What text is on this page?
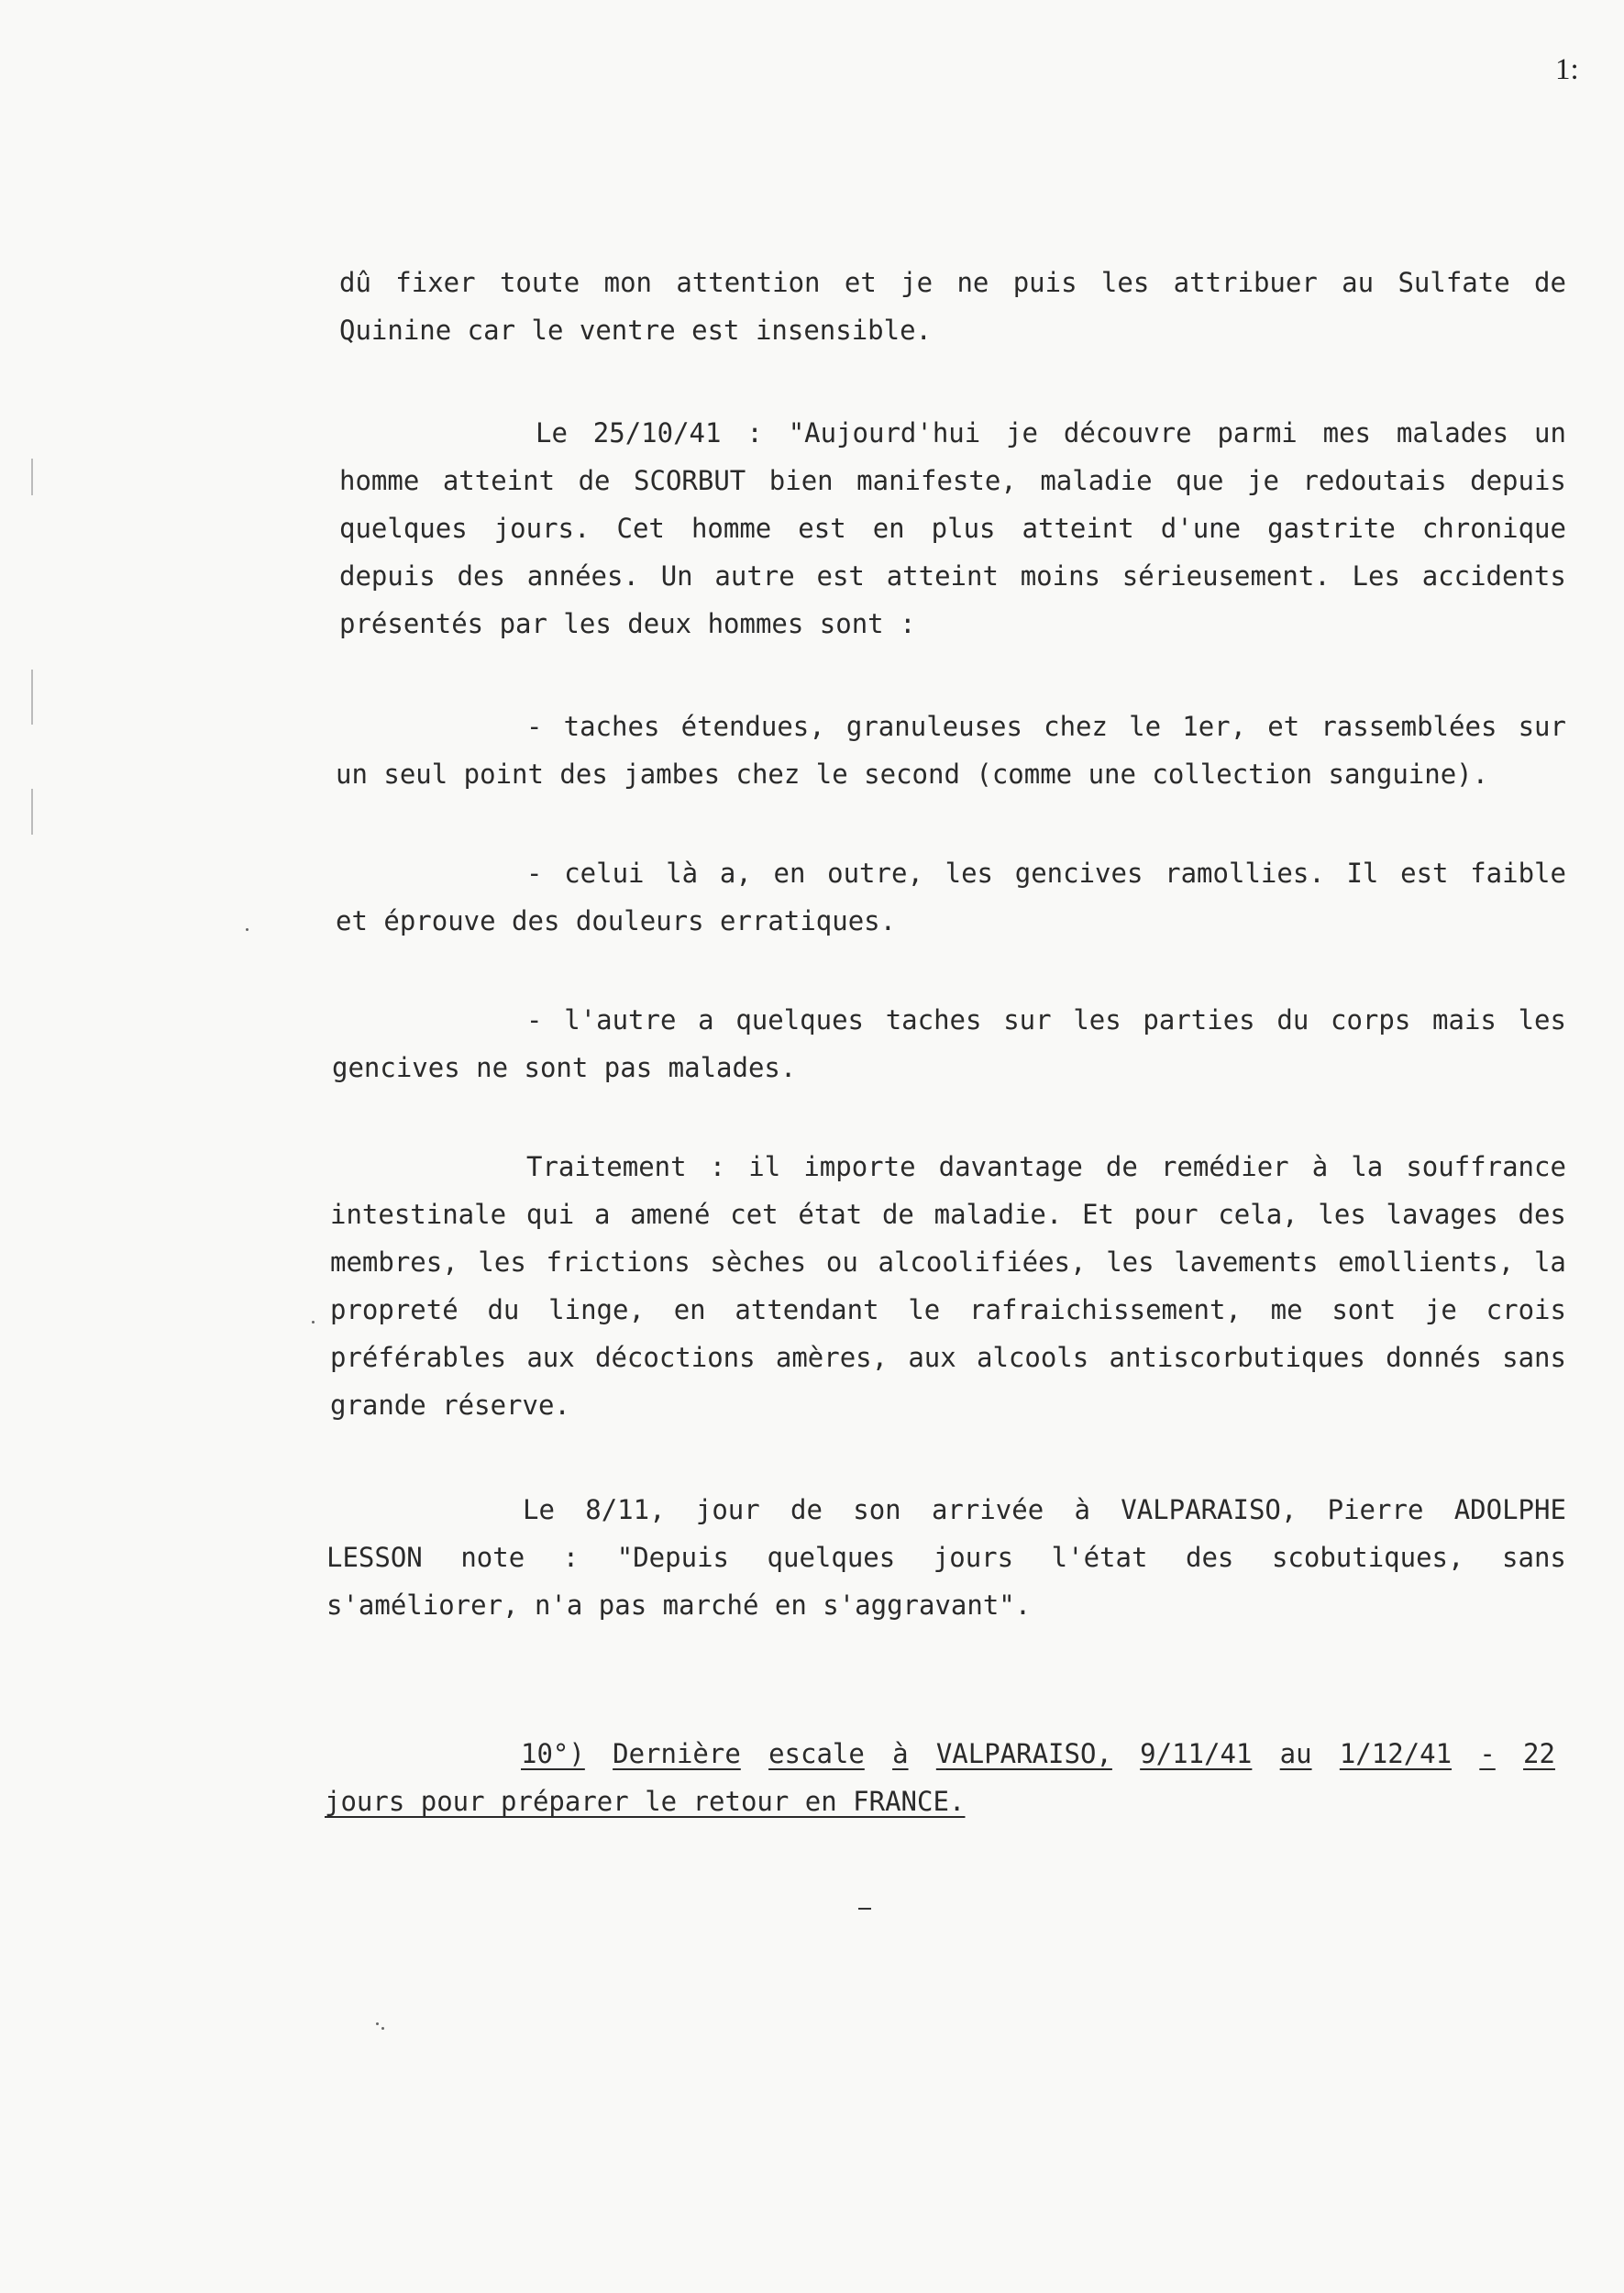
1:
dû fixer toute mon attention et je ne puis les attribuer au Sulfate de
Quinine car le ventre est insensible.
Le 25/10/41 : "Aujourd'hui je découvre parmi mes malades un
homme atteint de SCORBUT bien manifeste, maladie que je redoutais depuis
quelques jours. Cet homme est en plus atteint d'une gastrite chronique
depuis des années. Un autre est atteint moins sérieusement. Les accidents
présentés par les deux hommes sont :
- taches étendues, granuleuses chez le 1er, et rassemblées sur
un seul point des jambes chez le second (comme une collection sanguine).
- celui là a, en outre, les gencives ramollies. Il est faible
et éprouve des douleurs erratiques.
- l'autre a quelques taches sur les parties du corps mais les
gencives ne sont pas malades.
Traitement : il importe davantage de remédier à la souffrance
intestinale qui a amené cet état de maladie. Et pour cela, les lavages des
membres, les frictions sèches ou alcoolifiées, les lavements emollients, la
propreté du linge, en attendant le rafraichissement, me sont je crois
préférables aux décoctions amères, aux alcools antiscorbutiques donnés sans
grande réserve.
Le 8/11, jour de son arrivée à VALPARAISO, Pierre ADOLPHE
LESSON note : "Depuis quelques jours l'état des scobutiques, sans
s'améliorer, n'a pas marché en s'aggravant".
10°) Dernière escale à VALPARAISO, 9/11/41 au 1/12/41 - 22
jours pour préparer le retour en FRANCE.
